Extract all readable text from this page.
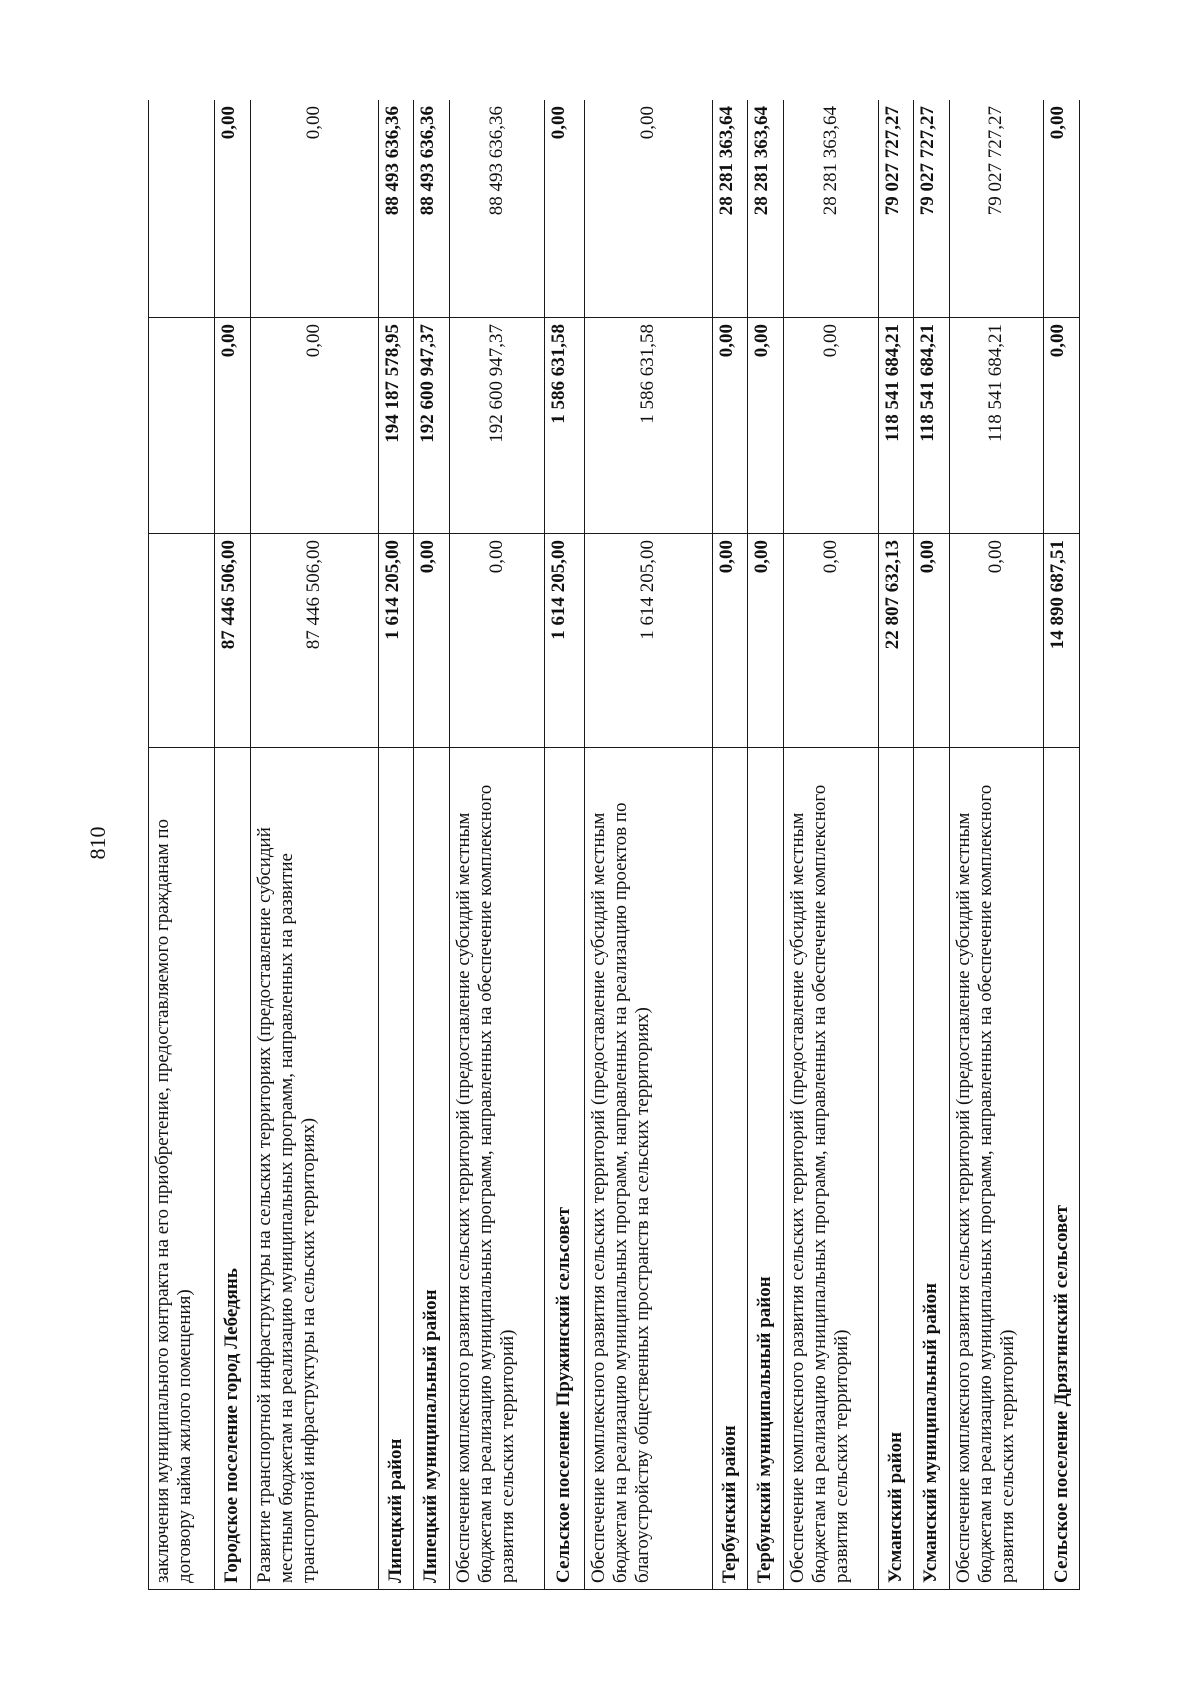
810 заключения муниципального контракта на его приобретение, предоставляемого гражданам по договору найма жилого помещения)			
Городское поселение город Лебедянь	87 446 506,00	0,00	0,00
Развитие транспортной инфраструктуры на сельских территориях (предоставление субсидий местным бюджетам на реализацию муниципальных программ, направленных на развитие транспортной инфраструктуры на сельских территориях)	87 446 506,00	0,00	0,00
Липецкий район	1 614 205,00	194 187 578,95	88 493 636,36
Липецкий муниципальный район	0,00	192 600 947,37	88 493 636,36
Обеспечение комплексного развития сельских территорий (предоставление субсидий местным бюджетам на реализацию муниципальных программ, направленных на обеспечение комплексного развития сельских территорий)	0,00	192 600 947,37	88 493 636,36
Сельское поселение Пружинский сельсовет	1 614 205,00	1 586 631,58	0,00
Обеспечение комплексного развития сельских территорий (предоставление субсидий местным бюджетам на реализацию муниципальных программ, направленных на реализацию проектов по благоустройству общественных пространств на сельских территориях)	1 614 205,00	1 586 631,58	0,00
Тербунский район	0,00	0,00	28 281 363,64
Тербунский муниципальный район	0,00	0,00	28 281 363,64
Обеспечение комплексного развития сельских территорий (предоставление субсидий местным бюджетам на реализацию муниципальных программ, направленных на обеспечение комплексного развития сельских территорий)	0,00	0,00	28 281 363,64
Усманский район	22 807 632,13	118 541 684,21	79 027 727,27
Усманский муниципальный район	0,00	118 541 684,21	79 027 727,27
Обеспечение комплексного развития сельских территорий (предоставление субсидий местным бюджетам на реализацию муниципальных программ, направленных на обеспечение комплексного развития сельских территорий)	0,00	118 541 684,21	79 027 727,27
Сельское поселение Дрязгинский сельсовет	14 890 687,51	0,00	0,00
